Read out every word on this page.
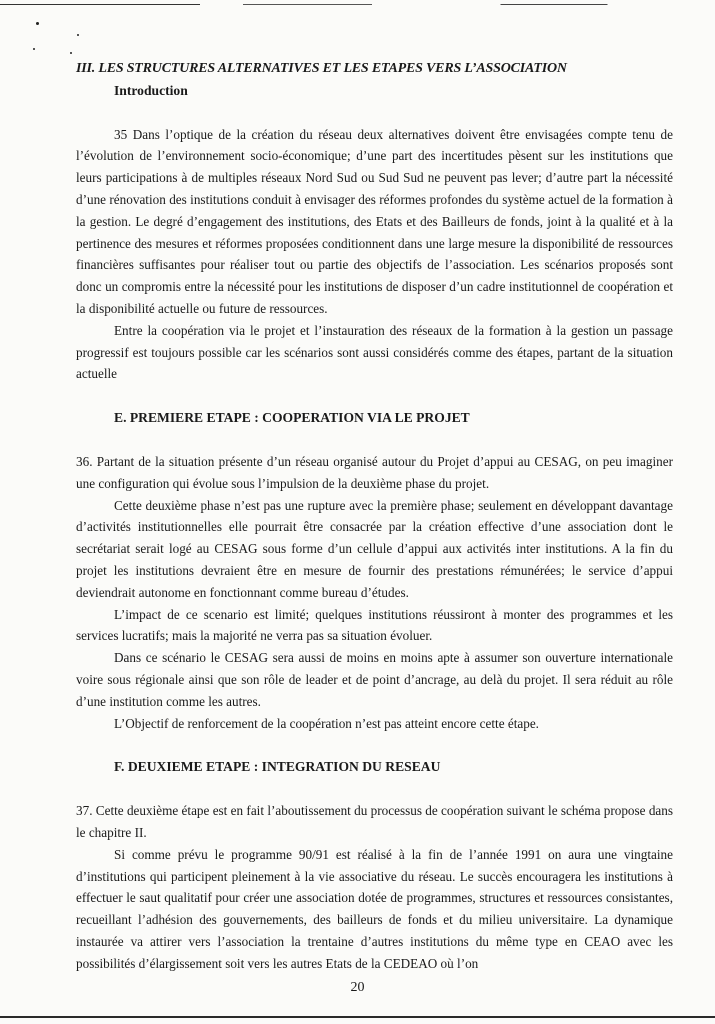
III. LES STRUCTURES ALTERNATIVES ET LES ETAPES VERS L’ASSOCIATION
Introduction

35 Dans l’optique de la création du réseau deux alternatives doivent être envisagées compte tenu de l’évolution de l’environnement socio-économique; d’une part des incertitudes pèsent sur les institutions que leurs participations à de multiples réseaux Nord Sud ou Sud Sud ne peuvent pas lever; d’autre part la nécessité d’une rénovation des institutions conduit à envisager des réformes profondes du système actuel de la formation à la gestion. Le degré d’engagement des institutions, des Etats et des Bailleurs de fonds, joint à la qualité et à la pertinence des mesures et réformes proposées conditionnent dans une large mesure la disponibilité de ressources financières suffisantes pour réaliser tout ou partie des objectifs de l’association. Les scénarios proposés sont donc un compromis entre la nécessité pour les institutions de disposer d’un cadre institutionnel de coopération et la disponibilité actuelle ou future de ressources.

Entre la coopération via le projet et l’instauration des réseaux de la formation à la gestion un passage progressif est toujours possible car les scénarios sont aussi considérés comme des étapes, partant de la situation actuelle

E. PREMIERE ETAPE : COOPERATION VIA LE PROJET

36. Partant de la situation présente d’un réseau organisé autour du Projet d’appui au CESAG, on peu imaginer une configuration qui évolue sous l’impulsion de la deuxième phase du projet.

Cette deuxième phase n’est pas une rupture avec la première phase; seulement en développant davantage d’activités institutionnelles elle pourrait être consacrée par la création effective d’une association dont le secrétariat serait logé au CESAG sous forme d’un cellule d’appui aux activités inter institutions. A la fin du projet les institutions devraient être en mesure de fournir des prestations rémunérées; le service d’appui deviendrait autonome en fonctionnant comme bureau d’études.

L’impact de ce scenario est limité; quelques institutions réussiront à monter des programmes et les services lucratifs; mais la majorité ne verra pas sa situation évoluer.

Dans ce scénario le CESAG sera aussi de moins en moins apte à assumer son ouverture internationale voire sous régionale ainsi que son rôle de leader et de point d’ancrage, au delà du projet. Il sera réduit au rôle d’une institution comme les autres.

L’Objectif de renforcement de la coopération n’est pas atteint encore cette étape.

F. DEUXIEME ETAPE : INTEGRATION DU RESEAU

37. Cette deuxième étape est en fait l’aboutissement du processus de coopération suivant le schéma propose dans le chapitre II.

Si comme prévu le programme 90/91 est réalisé à la fin de l’année 1991 on aura une vingtaine d’institutions qui participent pleinement à la vie associative du réseau. Le succès encouragera les institutions à effectuer le saut qualitatif pour créer une association dotée de programmes, structures et ressources consistantes, recueillant l’adhésion des gouvernements, des bailleurs de fonds et du milieu universitaire. La dynamique instaurée va attirer vers l’association la trentaine d’autres institutions du même type en CEAO avec les possibilités d’élargissement soit vers les autres Etats de la CEDEAO où l’on

20
